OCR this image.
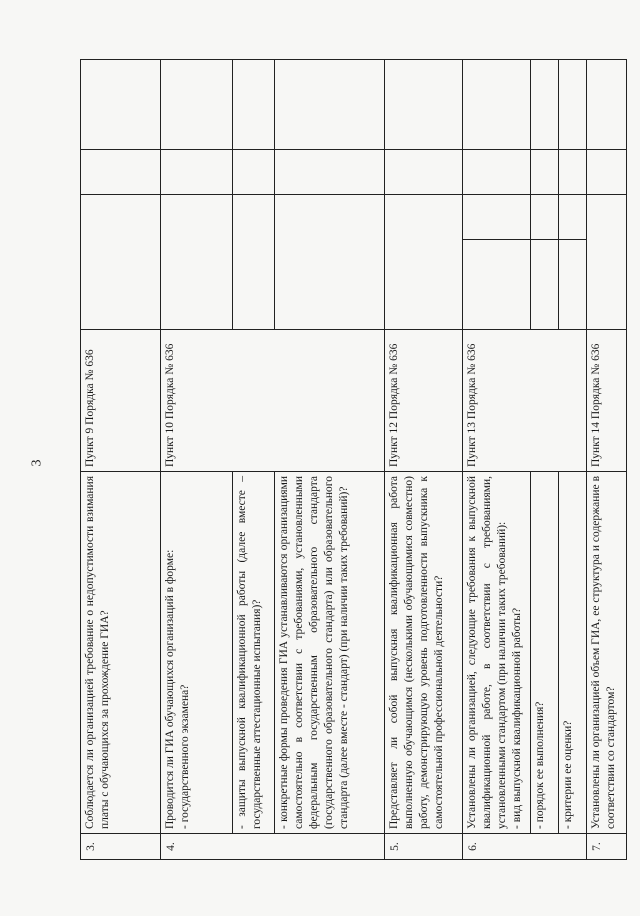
3
3.	Соблюдается ли организацией требование о недопустимости взимания платы с обучающихся за прохождение ГИА?	Пункт 9 Порядка № 636				
4.	Проводится ли ГИА обучающихся организаций в форме: - государственного экзамена?	Пункт 10 Порядка № 636				
	- защиты выпускной квалификационной работы (далее вместе – государственные аттестационные испытания)?					
	- конкретные формы проведения ГИА устанавливаются организациями самостоятельно в соответствии с требованиями, установленными федеральным государственным образовательного стандарта (государственного образовательного стандарта) или образовательного стандарта (далее вместе - стандарт) (при наличии таких требований)?					
5.	Представляет ли собой выпускная квалификационная работа выполненную обучающимся (несколькими обучающимися совместно) работу, демонстрирующую уровень подготовленности выпускника к самостоятельной профессиональной деятельности?	Пункт 12 Порядка № 636				
6.	Установлены ли организацией, следующие требования к выпускной квалификационной работе, в соответствии с требованиями, установленными стандартом (при наличии таких требований): - вид выпускной квалификационной работы?	Пункт 13 Порядка № 636				
	- порядок ее выполнения?					
	- критерии ее оценки?					
7.	Установлены ли организацией объем ГИА, ее структура и содержание в соответствии со стандартом?	Пункт 14 Порядка № 636				
